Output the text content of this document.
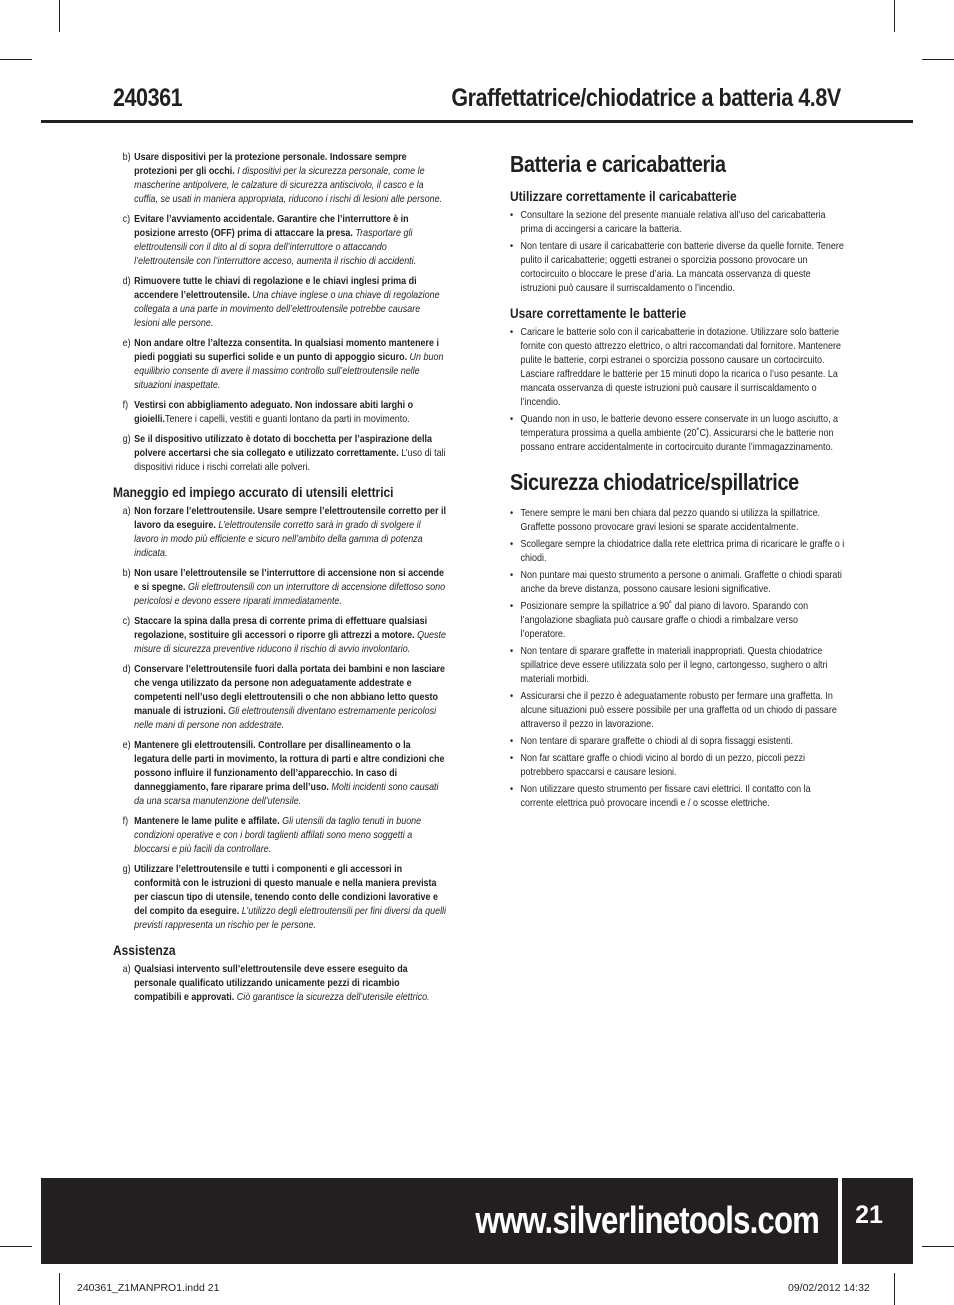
240361	Graffettatrice/chiodatrice a batteria 4.8V
b) Usare dispositivi per la protezione personale. Indossare sempre protezioni per gli occhi. I dispositivi per la sicurezza personale, come le mascherine antipolvere, le calzature di sicurezza antiscivolo, il casco e la cuffia, se usati in maniera appropriata, riducono i rischi di lesioni alle persone.
c) Evitare l’avviamento accidentale. Garantire che l’interruttore è in posizione arresto (OFF) prima di attaccare la presa. Trasportare gli elettroutensili con il dito al di sopra dell’interruttore o attaccando l’elettroutensile con l’interruttore acceso, aumenta il rischio di accidenti.
d) Rimuovere tutte le chiavi di regolazione e le chiavi inglesi prima di accendere l’elettroutensile. Una chiave inglese o una chiave di regolazione collegata a una parte in movimento dell’elettroutensile potrebbe causare lesioni alle persone.
e) Non andare oltre l’altezza consentita. In qualsiasi momento mantenere i piedi poggiati su superfici solide e un punto di appoggio sicuro. Un buon equilibrio consente di avere il massimo controllo sull’elettroutensile nelle situazioni inaspettate.
f) Vestirsi con abbigliamento adeguato. Non indossare abiti larghi o gioielli.Tenere i capelli, vestiti e guanti lontano da parti in movimento.
g) Se il dispositivo utilizzato è dotato di bocchetta per l’aspirazione della polvere accertarsi che sia collegato e utilizzato correttamente. L’uso di tali dispositivi riduce i rischi correlati alle polveri.
Maneggio ed impiego accurato di utensili elettrici
a) Non forzare l’elettroutensile. Usare sempre l’elettroutensile corretto per il lavoro da eseguire. L’elettroutensile corretto sarà in grado di svolgere il lavoro in modo più efficiente e sicuro nell’ambito della gamma di potenza indicata.
b) Non usare l’elettroutensile se l’interruttore di accensione non si accende e si spegne. Gli elettroutensili con un interruttore di accensione difettoso sono pericolosi e devono essere riparati immediatamente.
c) Staccare la spina dalla presa di corrente prima di effettuare qualsiasi regolazione, sostituire gli accessori o riporre gli attrezzi a motore. Queste misure di sicurezza preventive riducono il rischio di avvio involontario.
d) Conservare l’elettroutensile fuori dalla portata dei bambini e non lasciare che venga utilizzato da persone non adeguatamente addestrate e competenti nell’uso degli elettroutensili o che non abbiano letto questo manuale di istruzioni. Gli elettroutensili diventano estremamente pericolosi nelle mani di persone non addestrate.
e) Mantenere gli elettroutensili. Controllare per disallineamento o la legatura delle parti in movimento, la rottura di parti e altre condizioni che possono influire il funzionamento dell’apparecchio. In caso di danneggiamento, fare riparare prima dell’uso. Molti incidenti sono causati da una scarsa manutenzione dell’utensile.
f) Mantenere le lame pulite e affilate. Gli utensili da taglio tenuti in buone condizioni operative e con i bordi taglienti affilati sono meno soggetti a bloccarsi e più facili da controllare.
g) Utilizzare l’elettroutensile e tutti i componenti e gli accessori in conformità con le istruzioni di questo manuale e nella maniera prevista per ciascun tipo di utensile, tenendo conto delle condizioni lavorative e del compito da eseguire. L’utilizzo degli elettroutensili per fini diversi da quelli previsti rappresenta un rischio per le persone.
Assistenza
a) Qualsiasi intervento sull’elettroutensile deve essere eseguito da personale qualificato utilizzando unicamente pezzi di ricambio compatibili e approvati. Ciò garantisce la sicurezza dell’utensile elettrico.
Batteria e caricabatteria
Utilizzare correttamente il caricabatterie
• Consultare la sezione del presente manuale relativa all’uso del caricabatteria prima di accingersi a caricare la batteria.
• Non tentare di usare il caricabatterie con batterie diverse da quelle fornite. Tenere pulito il caricabatterie; oggetti estranei o sporcizia possono provocare un cortocircuito o bloccare le prese d’aria. La mancata osservanza di queste istruzioni può causare il surriscaldamento o l’incendio.
Usare correttamente le batterie
• Caricare le batterie solo con il caricabatterie in dotazione. Utilizzare solo batterie fornite con questo attrezzo elettrico, o altri raccomandati dal fornitore. Mantenere pulite le batterie, corpi estranei o sporcizia possono causare un cortocircuito. Lasciare raffreddare le batterie per 15 minuti dopo la ricarica o l’uso pesante. La mancata osservanza di queste istruzioni può causare il surriscaldamento o l’incendio.
• Quando non in uso, le batterie devono essere conservate in un luogo asciutto, a temperatura prossima a quella ambiente (20˚C). Assicurarsi che le batterie non possano entrare accidentalmente in cortocircuito durante l’immagazzinamento.
Sicurezza chiodatrice/spillatrice
• Tenere sempre le mani ben chiara dal pezzo quando si utilizza la spillatrice. Graffette possono provocare gravi lesioni se sparate accidentalmente.
• Scollegare sempre la chiodatrice dalla rete elettrica prima di ricaricare le graffe o i chiodi.
• Non puntare mai questo strumento a persone o animali. Graffette o chiodi sparati anche da breve distanza, possono causare lesioni significative.
• Posizionare sempre la spillatrice a 90˚ dal piano di lavoro. Sparando con l’angolazione sbagliata può causare graffe o chiodi a rimbalzare verso l’operatore.
• Non tentare di sparare graffette in materiali inappropriati. Questa chiodatrice spillatrice deve essere utilizzata solo per il legno, cartongesso, sughero o altri materiali morbidi.
• Assicurarsi che il pezzo è adeguatamente robusto per fermare una graffetta. In alcune situazioni può essere possibile per una graffetta od un chiodo di passare attraverso il pezzo in lavorazione.
• Non tentare di sparare graffette o chiodi al di sopra fissaggi esistenti.
• Non far scattare graffe o chiodi vicino al bordo di un pezzo, piccoli pezzi potrebbero spaccarsi e causare lesioni.
• Non utilizzare questo strumento per fissare cavi elettrici. Il contatto con la corrente elettrica può provocare incendi e / o scosse elettriche.
www.silverlinetools.com	21
240361_Z1MANPRO1.indd 21	09/02/2012 14:32
